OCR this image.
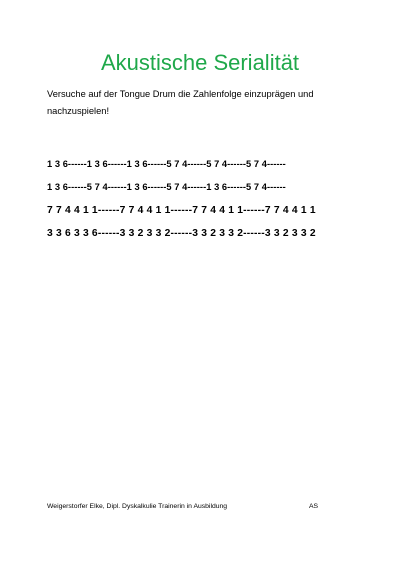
Akustische Serialität
Versuche auf der Tongue Drum die Zahlenfolge einzuprägen und nachzuspielen!
1 3 6------1 3 6------1 3 6------5 7 4------5 7 4------5 7 4------
1 3 6------5 7 4------1 3 6------5 7 4------1 3 6------5 7 4------
7 7 4 4 1 1------7 7 4 4 1 1------7 7 4 4 1 1------7 7 4 4 1 1
3 3 6 3 3 6------3 3 2 3 3 2------3 3 2 3 3 2------3 3 2 3 3 2
Weigerstorfer Elke, Dipl. Dyskalkulie Trainerin in Ausbildung	AS
